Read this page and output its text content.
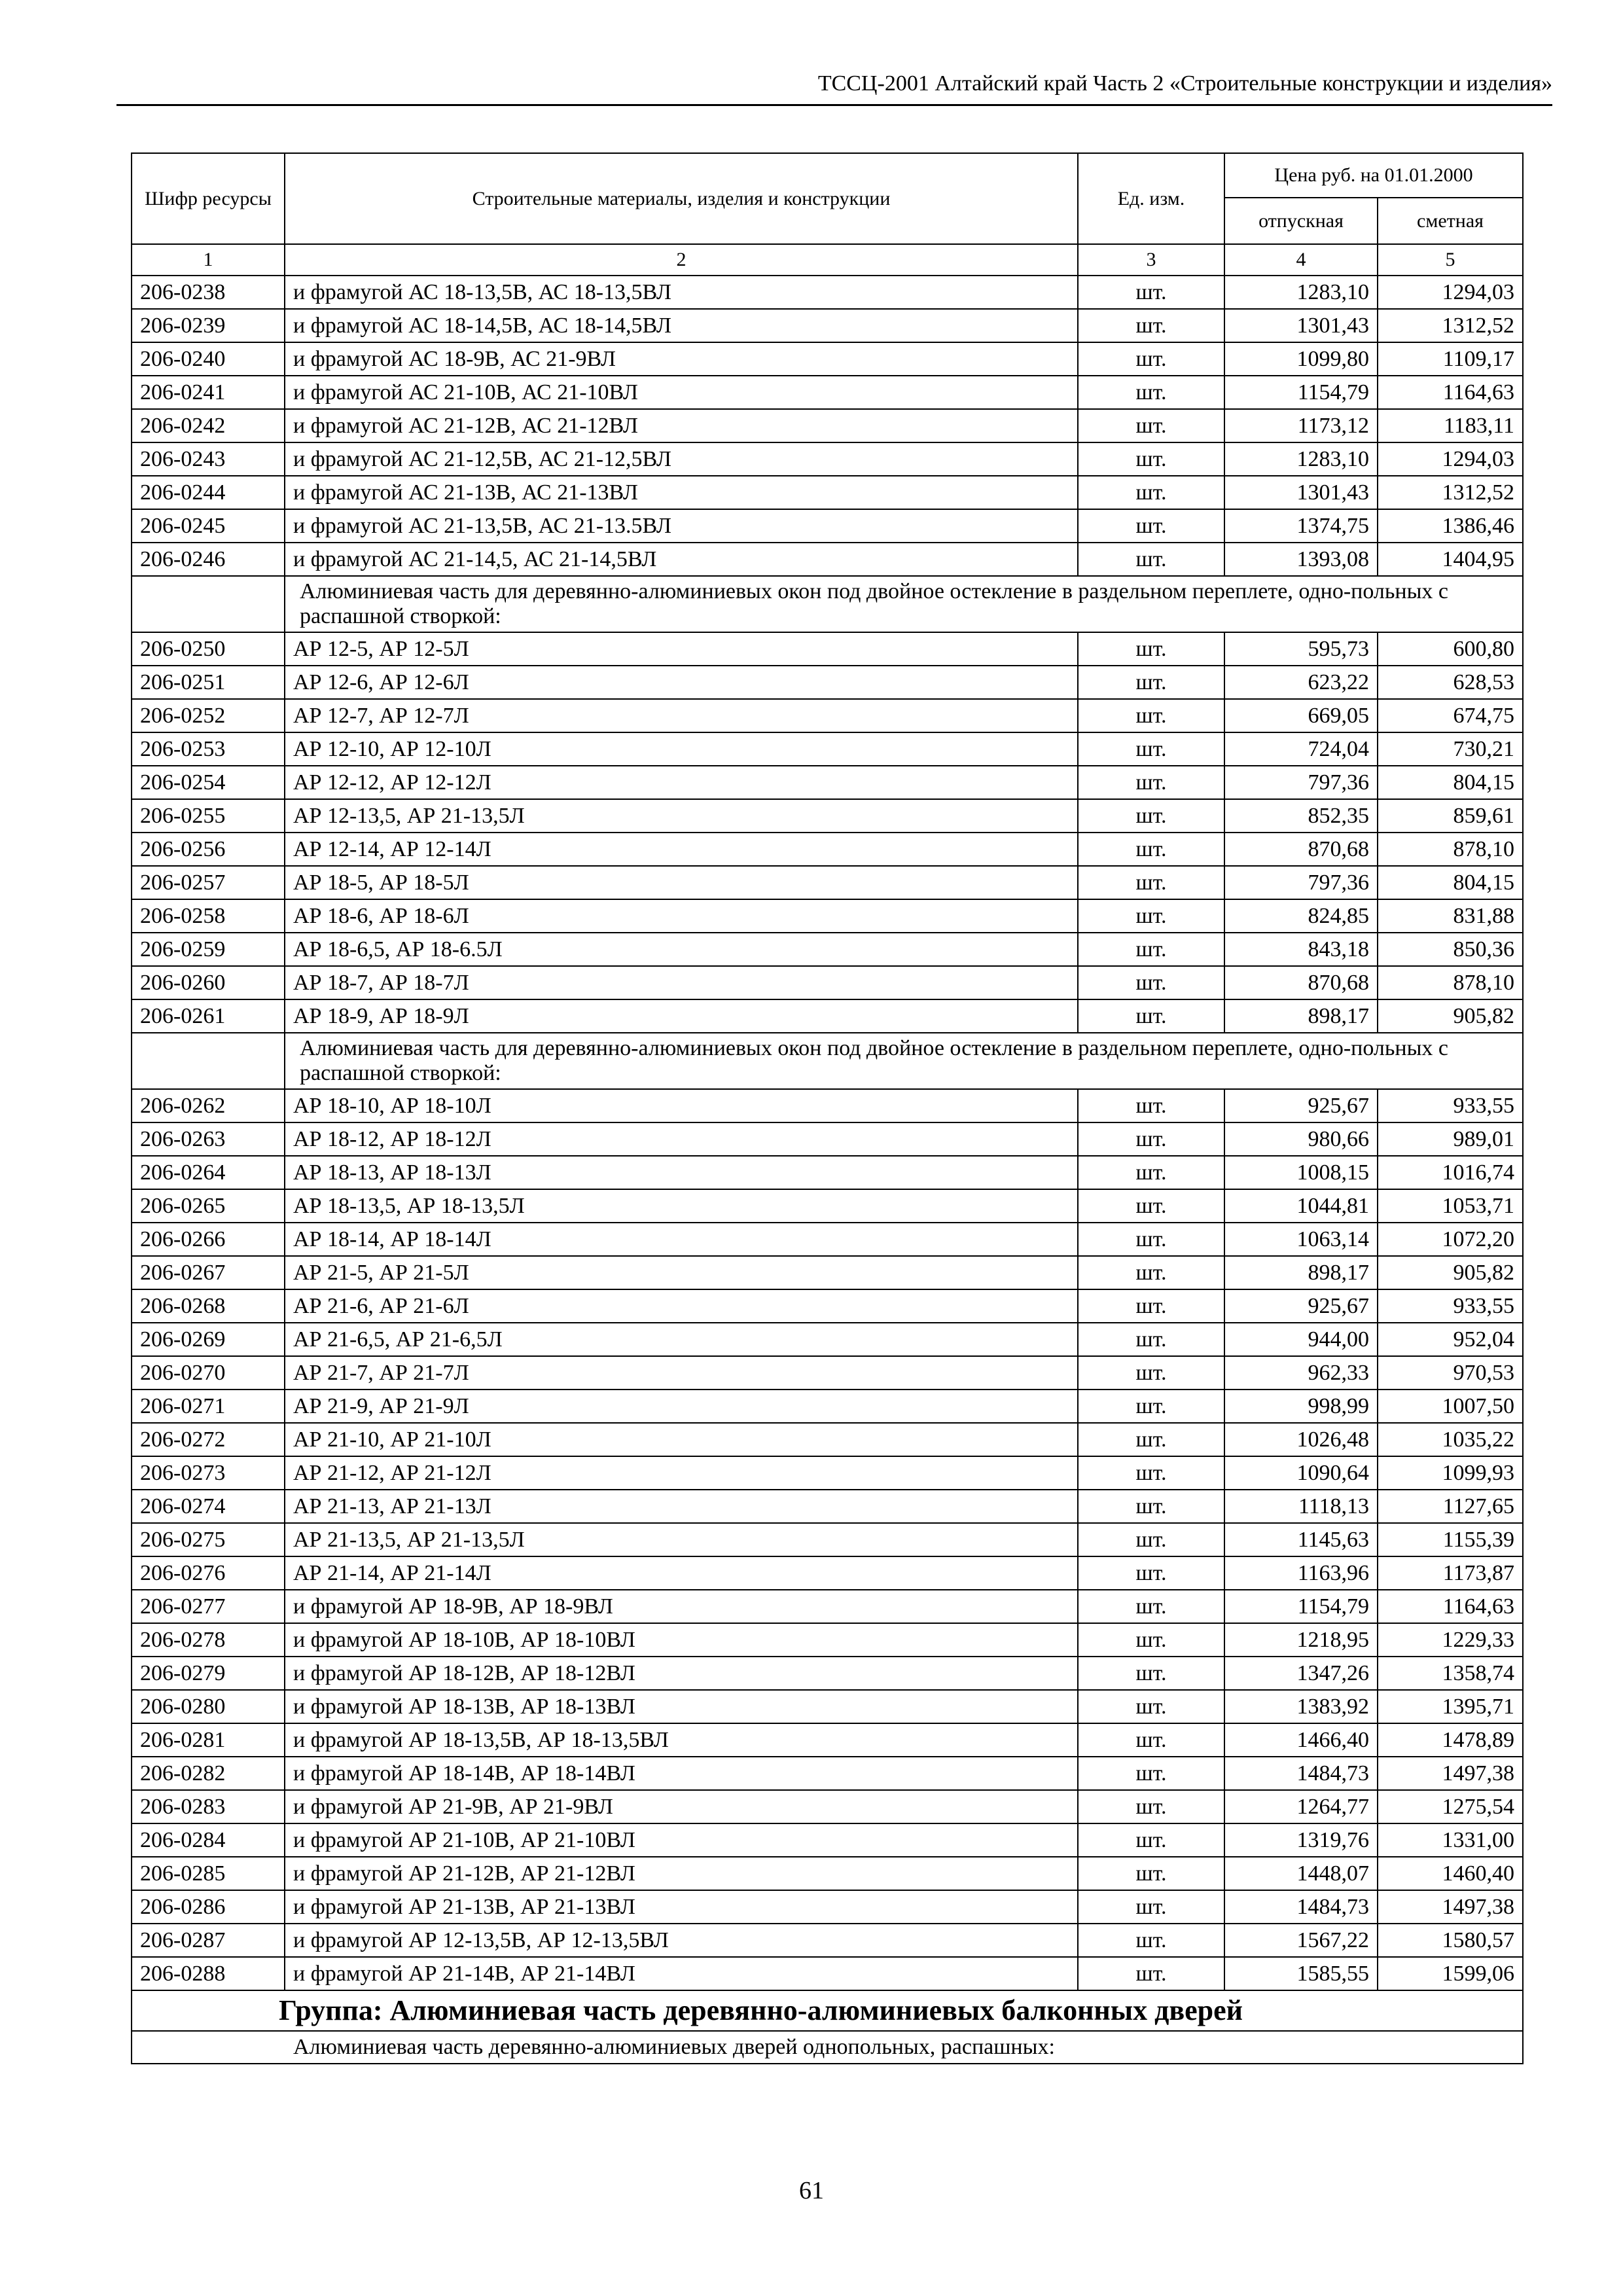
ТССЦ-2001 Алтайский край Часть 2 «Строительные конструкции и изделия»
Шифр ресурсы	Строительные материалы, изделия и конструкции	Ед. изм.	Цена руб. на 01.01.2000	
			отпускная	сметная
1	2	3	4	5
206-0238	и фрамугой АС 18-13,5В, АС 18-13,5ВЛ	шт.	1283,10	1294,03
206-0239	и фрамугой АС 18-14,5В, АС 18-14,5ВЛ	шт.	1301,43	1312,52
206-0240	и фрамугой АС 18-9В, АС 21-9ВЛ	шт.	1099,80	1109,17
206-0241	и фрамугой АС 21-10В, АС 21-10ВЛ	шт.	1154,79	1164,63
206-0242	и фрамугой АС 21-12В, АС 21-12ВЛ	шт.	1173,12	1183,11
206-0243	и фрамугой АС 21-12,5В, АС 21-12,5ВЛ	шт.	1283,10	1294,03
206-0244	и фрамугой АС 21-13В, АС 21-13ВЛ	шт.	1301,43	1312,52
206-0245	и фрамугой АС 21-13,5В, АС 21-13.5ВЛ	шт.	1374,75	1386,46
206-0246	и фрамугой АС 21-14,5, АС 21-14,5ВЛ	шт.	1393,08	1404,95
	Алюминиевая часть для деревянно-алюминиевых окон под двойное остекление в раздельном переплете, одно-польных с распашной створкой:			
206-0250	АР 12-5, АР 12-5Л	шт.	595,73	600,80
206-0251	АР 12-6, АР 12-6Л	шт.	623,22	628,53
206-0252	АР 12-7, АР 12-7Л	шт.	669,05	674,75
206-0253	АР 12-10, АР 12-10Л	шт.	724,04	730,21
206-0254	АР 12-12, АР 12-12Л	шт.	797,36	804,15
206-0255	АР 12-13,5, АР 21-13,5Л	шт.	852,35	859,61
206-0256	АР 12-14, АР 12-14Л	шт.	870,68	878,10
206-0257	АР 18-5, АР 18-5Л	шт.	797,36	804,15
206-0258	АР 18-6, АР 18-6Л	шт.	824,85	831,88
206-0259	АР 18-6,5, АР 18-6.5Л	шт.	843,18	850,36
206-0260	АР 18-7, АР 18-7Л	шт.	870,68	878,10
206-0261	АР 18-9, АР 18-9Л	шт.	898,17	905,82
	Алюминиевая часть для деревянно-алюминиевых окон под двойное остекление в раздельном переплете, одно-польных с распашной створкой:			
206-0262	АР 18-10, АР 18-10Л	шт.	925,67	933,55
206-0263	АР 18-12, АР 18-12Л	шт.	980,66	989,01
206-0264	АР 18-13, АР 18-13Л	шт.	1008,15	1016,74
206-0265	АР 18-13,5, АР 18-13,5Л	шт.	1044,81	1053,71
206-0266	АР 18-14, АР 18-14Л	шт.	1063,14	1072,20
206-0267	АР 21-5, АР 21-5Л	шт.	898,17	905,82
206-0268	АР 21-6, АР 21-6Л	шт.	925,67	933,55
206-0269	АР 21-6,5, АР 21-6,5Л	шт.	944,00	952,04
206-0270	АР 21-7, АР 21-7Л	шт.	962,33	970,53
206-0271	АР 21-9, АР 21-9Л	шт.	998,99	1007,50
206-0272	АР 21-10, АР 21-10Л	шт.	1026,48	1035,22
206-0273	АР 21-12, АР 21-12Л	шт.	1090,64	1099,93
206-0274	АР 21-13, АР 21-13Л	шт.	1118,13	1127,65
206-0275	АР 21-13,5, АР 21-13,5Л	шт.	1145,63	1155,39
206-0276	АР 21-14, АР 21-14Л	шт.	1163,96	1173,87
206-0277	и фрамугой АР 18-9В, АР 18-9ВЛ	шт.	1154,79	1164,63
206-0278	и фрамугой АР 18-10В, АР 18-10ВЛ	шт.	1218,95	1229,33
206-0279	и фрамугой АР 18-12В, АР 18-12ВЛ	шт.	1347,26	1358,74
206-0280	и фрамугой АР 18-13В, АР 18-13ВЛ	шт.	1383,92	1395,71
206-0281	и фрамугой АР 18-13,5В, АР 18-13,5ВЛ	шт.	1466,40	1478,89
206-0282	и фрамугой АР 18-14В, АР 18-14ВЛ	шт.	1484,73	1497,38
206-0283	и фрамугой АР 21-9В, АР 21-9ВЛ	шт.	1264,77	1275,54
206-0284	и фрамугой АР 21-10В, АР 21-10ВЛ	шт.	1319,76	1331,00
206-0285	и фрамугой АР 21-12В, АР 21-12ВЛ	шт.	1448,07	1460,40
206-0286	и фрамугой АР 21-13В, АР 21-13ВЛ	шт.	1484,73	1497,38
206-0287	и фрамугой АР 12-13,5В, АР 12-13,5ВЛ	шт.	1567,22	1580,57
206-0288	и фрамугой АР 21-14В, АР 21-14ВЛ	шт.	1585,55	1599,06
Группа: Алюминиевая часть деревянно-алюминиевых балконных дверей				
Алюминиевая часть деревянно-алюминиевых дверей однопольных, распашных:				
61
